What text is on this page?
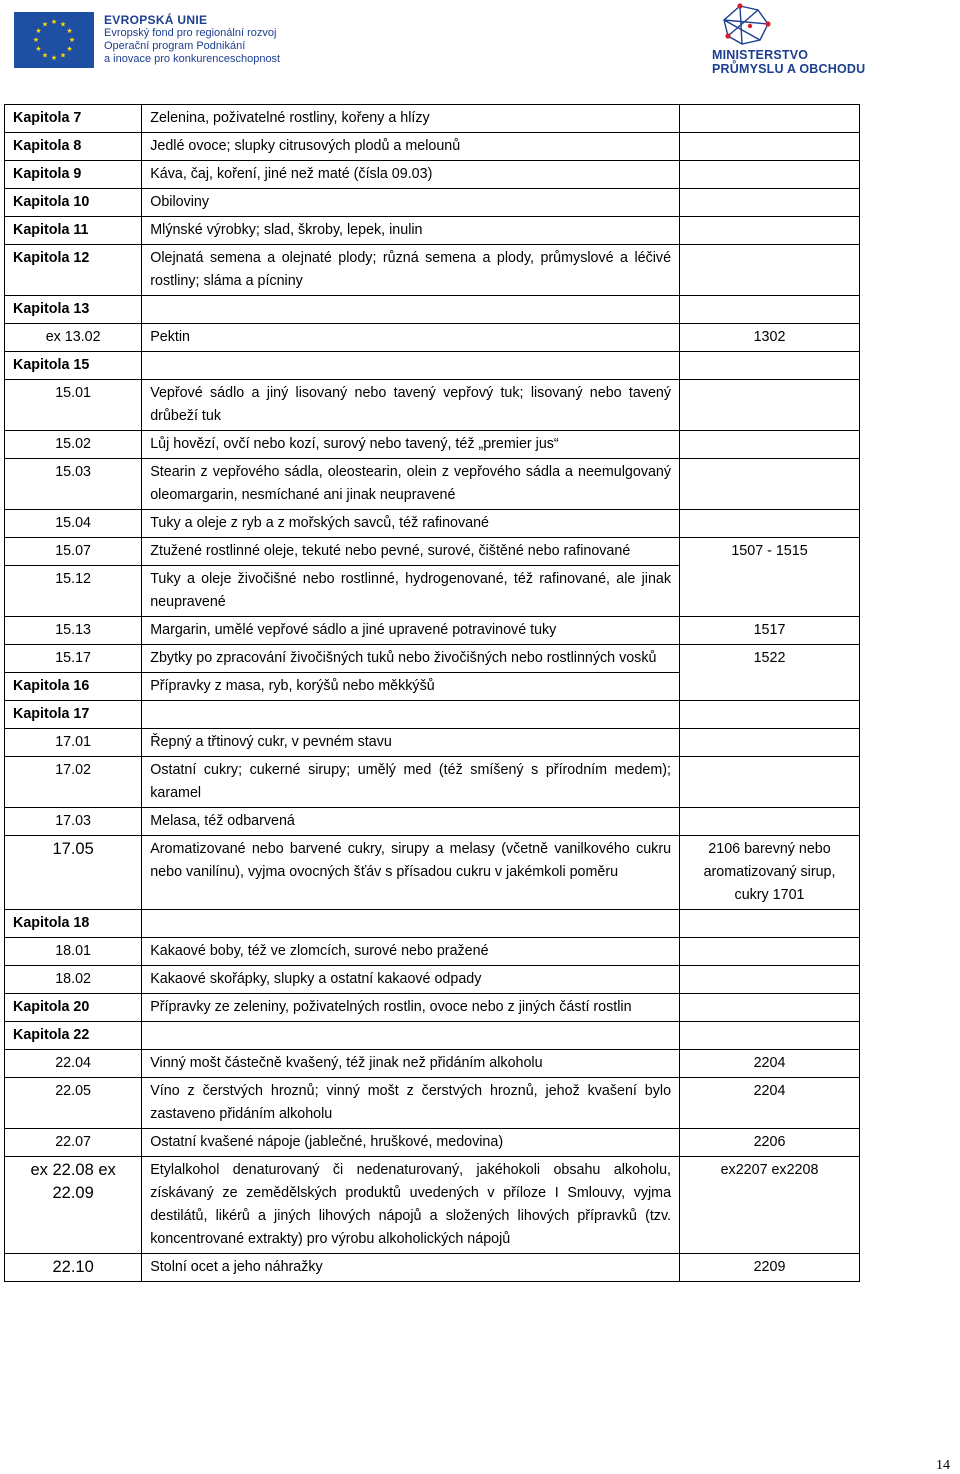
★ ★
★
★
★
★
★
★
★
★
★
★	EVROPSKÁ UNIE
Evropský fond pro regionální rozvoj
Operační program Podnikání
a inovace pro konkurenceschopnost	MINISTERSTVO
PRŮMYSLU A OBCHODU
Kapitola 7	Zelenina, poživatelné rostliny, kořeny a hlízy	
Kapitola 8	Jedlé ovoce; slupky citrusových plodů a melounů	
Kapitola 9	Káva, čaj, koření, jiné než maté (čísla 09.03)	
Kapitola 10	Obiloviny	
Kapitola 11	Mlýnské výrobky; slad, škroby, lepek, inulin	
Kapitola 12	Olejnatá semena a olejnaté plody; různá semena a plody, průmyslové a léčivé rostliny; sláma a pícniny	
Kapitola 13		
ex 13.02	Pektin	1302
Kapitola 15		
15.01	Vepřové sádlo a jiný lisovaný nebo tavený vepřový tuk; lisovaný nebo tavený drůbeží tuk	
15.02	Lůj hovězí, ovčí nebo kozí, surový nebo tavený, též „premier jus“	
15.03	Stearin z vepřového sádla, oleostearin, olein z vepřového sádla a neemulgovaný oleomargarin, nesmíchané ani jinak neupravené	
15.04	Tuky a oleje z ryb a z mořských savců, též rafinované	
15.07	Ztužené rostlinné oleje, tekuté nebo pevné, surové, čištěné nebo rafinované	1507 - 1515
15.12	Tuky a oleje živočišné nebo rostlinné, hydrogenované, též rafinované, ale jinak neupravené	
15.13	Margarin, umělé vepřové sádlo a jiné upravené potravinové tuky	1517
15.17	Zbytky po zpracování živočišných tuků nebo živočišných nebo rostlinných vosků	1522
Kapitola 16	Přípravky z masa, ryb, korýšů nebo měkkýšů	
Kapitola 17		
17.01	Řepný a třtinový cukr, v pevném stavu	
17.02	Ostatní cukry; cukerné sirupy; umělý med (též smíšený s přírodním medem); karamel	
17.03	Melasa, též odbarvená	
17.05	Aromatizované nebo barvené cukry, sirupy a melasy (včetně vanilkového cukru nebo vanilínu), vyjma ovocných šťáv s přísadou cukru v jakémkoli poměru	2106 barevný nebo aromatizovaný sirup, cukry 1701
Kapitola 18		
18.01	Kakaové boby, též ve zlomcích, surové nebo pražené	
18.02	Kakaové skořápky, slupky a ostatní kakaové odpady	
Kapitola 20	Přípravky ze zeleniny, poživatelných rostlin, ovoce nebo z jiných částí rostlin	
Kapitola 22		
22.04	Vinný mošt částečně kvašený, též jinak než přidáním alkoholu	2204
22.05	Víno z čerstvých hroznů; vinný mošt z čerstvých hroznů, jehož kvašení bylo zastaveno přidáním alkoholu	2204
22.07	Ostatní kvašené nápoje (jablečné, hruškové, medovina)	2206
ex 22.08 ex 22.09	Etylalkohol denaturovaný či nedenaturovaný, jakéhokoli obsahu alkoholu, získávaný ze zemědělských produktů uvedených v příloze I Smlouvy, vyjma destilátů, likérů a jiných lihových nápojů a složených lihových přípravků (tzv. koncentrované extrakty) pro výrobu alkoholických nápojů	ex2207 ex2208
22.10	Stolní ocet a jeho náhražky	2209
14
